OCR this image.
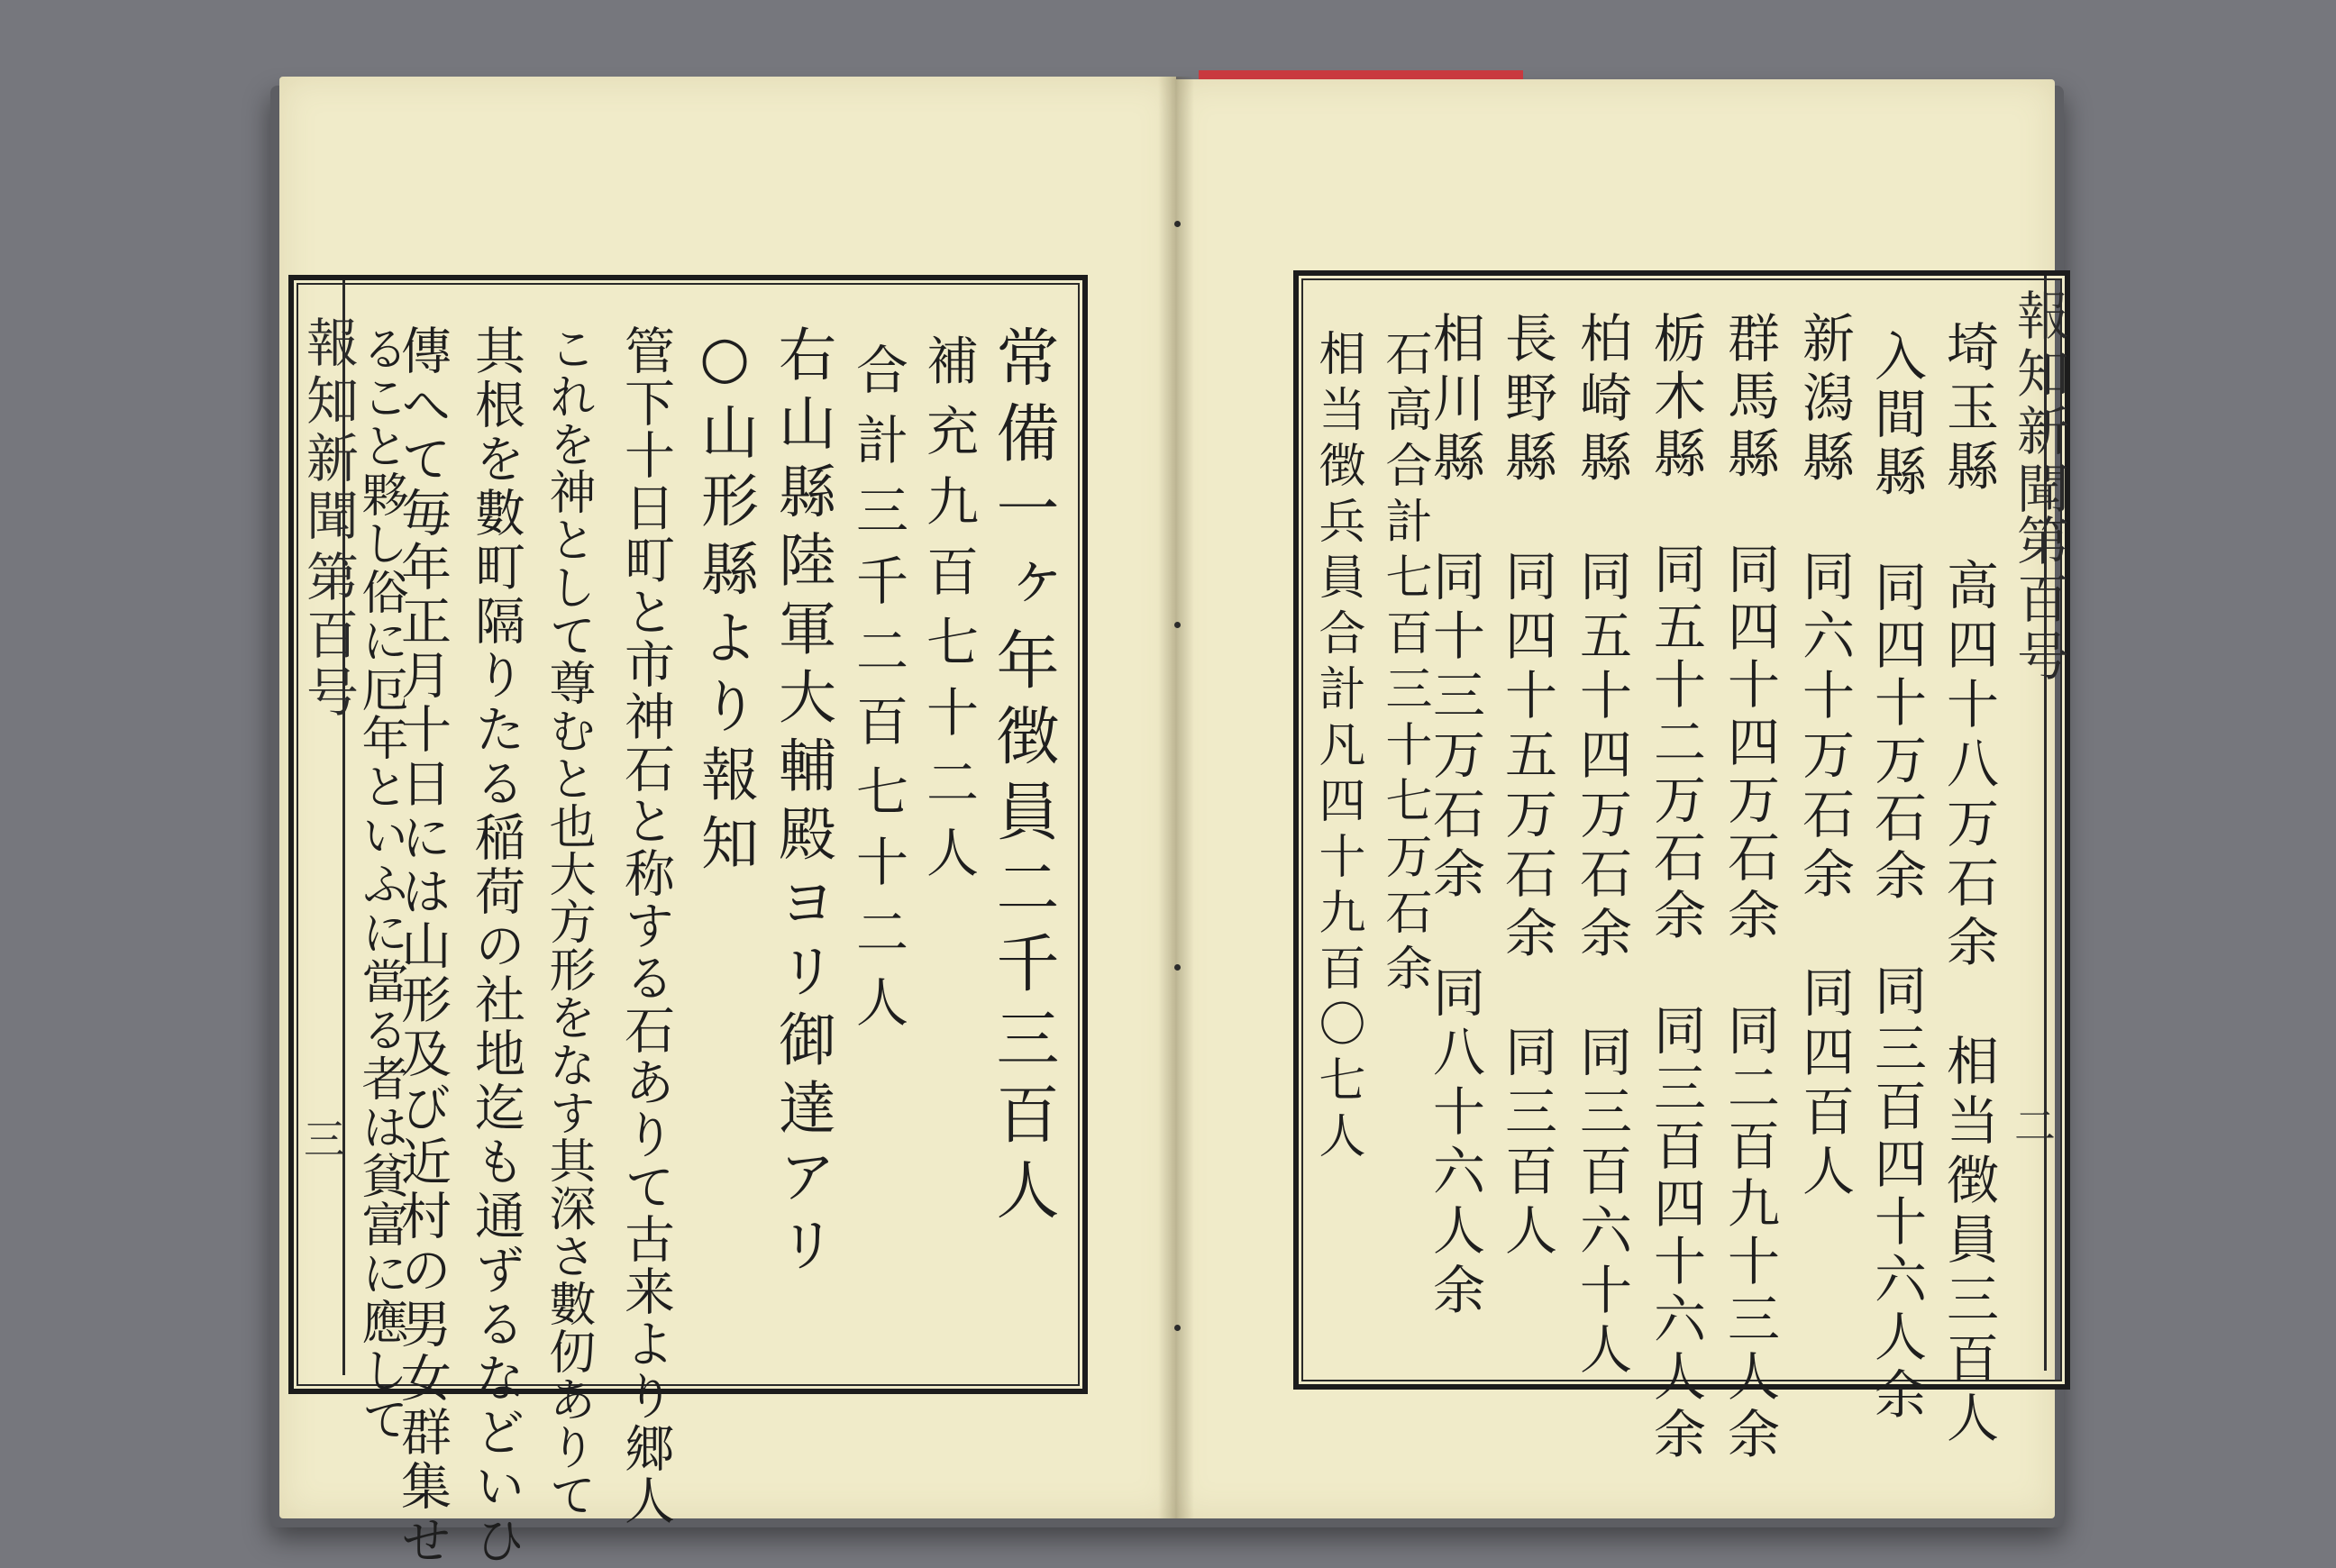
報知新聞
第百号
三	常備一ヶ年徴員二千三百人
補充九百七十二人
合計三千二百七十二人
右山縣陸軍大輔殿ヨリ御達アリ
○山形縣より報知
管下十日町と市神石と称する石ありて古来より郷人
これを神として尊むと也大方形をなす其深さ數仞ありて
其根を數町隔りたる稲荷の社地迄も通ずるなどいひ
傳へて毎年正月十日には山形及び近村の男女群集せ
ること夥し俗に厄年といふに當る者は貧富に應して	報知新聞
第百号
二
埼玉縣　高四十八万石余　相当徴員三百人
入間縣　同四十万石余　同三百四十六人余
新潟縣　同六十万石余　同四百人
群馬縣　同四十四万石余　同二百九十三人余
栃木縣　同五十二万石余　同三百四十六人余
柏崎縣　同五十四万石余　同三百六十人
長野縣　同四十五万石余　同三百人
相川縣　同十三万石余　同八十六人余
石高合計七百三十七万石余
相当徴兵員合計凡四十九百〇七人
